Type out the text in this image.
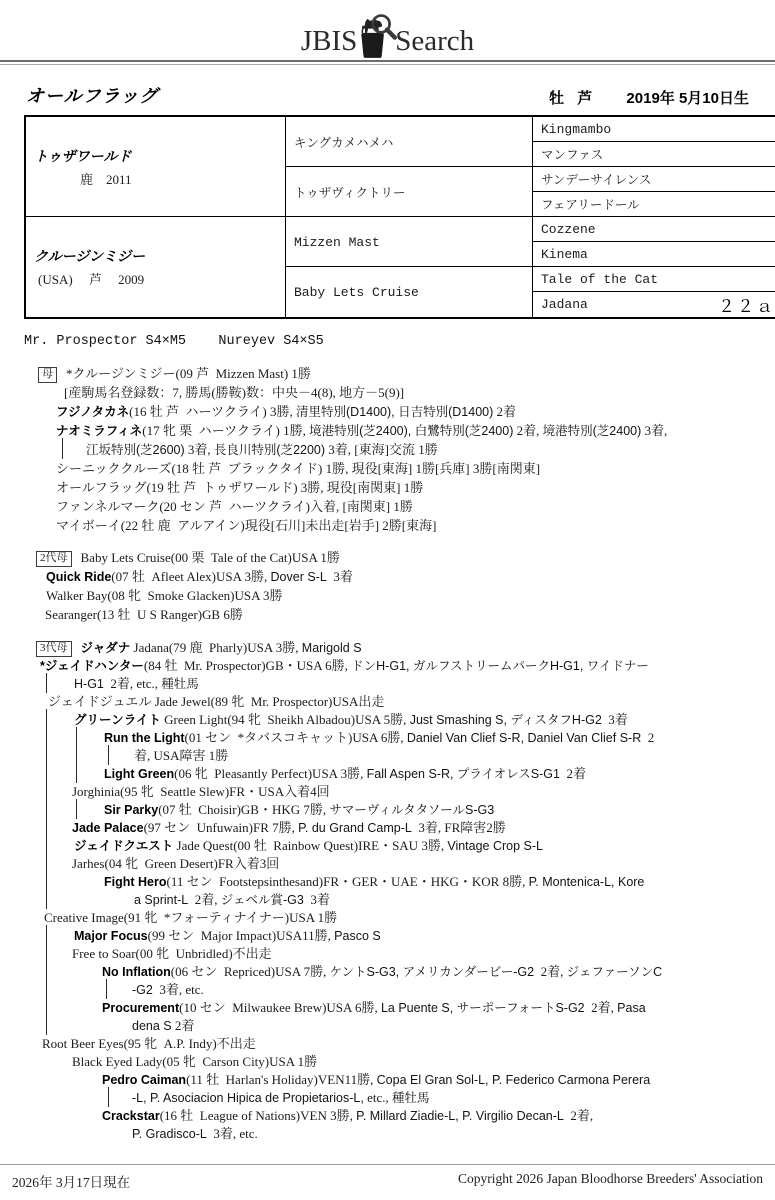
JBIS Search
オールフラッグ	牡 芦 2019年 5月10日生
トゥザワールド
鹿　2011	キングカメハメハ	Kingmambo
		マンファス
	トゥザヴィクトリー	サンデーサイレンス
		フェアリードール

クルージンミジー
(USA)　 芦　 2009	Mizzen Mast	Cozzene
		Kinema
	Baby Lets Cruise	Tale of the Cat

		Jadana ２２ａ
Mr. Prospector S4×M5    Nureyev S4×S5
母 *クルージンミジー(09 芦  Mizzen Mast) 1勝
[産駒馬名登録数：7, 勝馬(勝鞍)数：中央－4(8), 地方－5(9)]
フジノタカネ(16 牡 芦  ハーツクライ) 3勝, 清里特別(D1400), 日吉特別(D1400) 2着
ナオミラフィネ(17 牝 栗  ハーツクライ) 1勝, 境港特別(芝2400), 白鷺特別(芝2400) 2着, 境港特別(芝2400) 3着,
江坂特別(芝2600) 3着, 長良川特別(芝2200) 3着, [東海]交流 1勝
シーニッククルーズ(18 牡 芦  ブラックタイド) 1勝, 現役[東海] 1勝[兵庫] 3勝[南関東]
オールフラッグ(19 牡 芦  トゥザワールド) 3勝, 現役[南関東] 1勝
ファンネルマーク(20 セン 芦  ハーツクライ)入着, [南関東] 1勝
マイボーイ(22 牡 鹿  アルアイン)現役[石川]未出走[岩手] 2勝[東海]
2代母 Baby Lets Cruise(00 栗  Tale of the Cat)USA 1勝
Quick Ride(07 牡  Afleet Alex)USA 3勝, Dover S-L  3着
Walker Bay(08 牝  Smoke Glacken)USA 3勝
Searanger(13 牡  U S Ranger)GB 6勝
3代母 ジャダナ Jadana(79 鹿  Pharly)USA 3勝, Marigold S
*ジェイドハンター(84 牡  Mr. Prospector)GB・USA 6勝, ドンH-G1, ガルフストリームパークH-G1, ワイドナー
H-G1  2着, etc., 種牡馬
ジェイドジュエル Jade Jewel(89 牝  Mr. Prospector)USA出走
グリーンライト Green Light(94 牝  Sheikh Albadou)USA 5勝, Just Smashing S, ディスタフH-G2  3着
Run the Light(01 セン  *タバスコキャット)USA 6勝, Daniel Van Clief S-R, Daniel Van Clief S-R  2
着, USA障害 1勝
Light Green(06 牝  Pleasantly Perfect)USA 3勝, Fall Aspen S-R, プライオレスS-G1  2着
Jorghinia(95 牝  Seattle Slew)FR・USA入着4回
Sir Parky(07 牡  Choisir)GB・HKG 7勝, サマーヴィルタタソールS-G3
Jade Palace(97 セン  Unfuwain)FR 7勝, P. du Grand Camp-L  3着, FR障害2勝
ジェイドクエスト Jade Quest(00 牡  Rainbow Quest)IRE・SAU 3勝, Vintage Crop S-L
Jarhes(04 牝  Green Desert)FR入着3回
Fight Hero(11 セン  Footstepsinthesand)FR・GER・UAE・HKG・KOR 8勝, P. Montenica-L, Kore
a Sprint-L  2着, ジェベル賞-G3  3着
Creative Image(91 牝  *フォーティナイナー)USA 1勝
Major Focus(99 セン  Major Impact)USA11勝, Pasco S
Free to Soar(00 牝  Unbridled)不出走
No Inflation(06 セン  Repriced)USA 7勝, ケントS-G3, アメリカンダービー-G2  2着, ジェファーソンC
-G2  3着, etc.
Procurement(10 セン  Milwaukee Brew)USA 6勝, La Puente S, サーポーフォートS-G2  2着, Pasa
dena S 2着
Root Beer Eyes(95 牝  A.P. Indy)不出走
Black Eyed Lady(05 牝  Carson City)USA 1勝
Pedro Caiman(11 牡  Harlan's Holiday)VEN11勝, Copa El Gran Sol-L, P. Federico Carmona Perera
-L, P. Asociacion Hipica de Propietarios-L, etc., 種牡馬
Crackstar(16 牡  League of Nations)VEN 3勝, P. Millard Ziadie-L, P. Virgilio Decan-L  2着,
P. Gradisco-L  3着, etc.
2026年 3月17日現在	Copyright 2026 Japan Bloodhorse Breeders' Association
